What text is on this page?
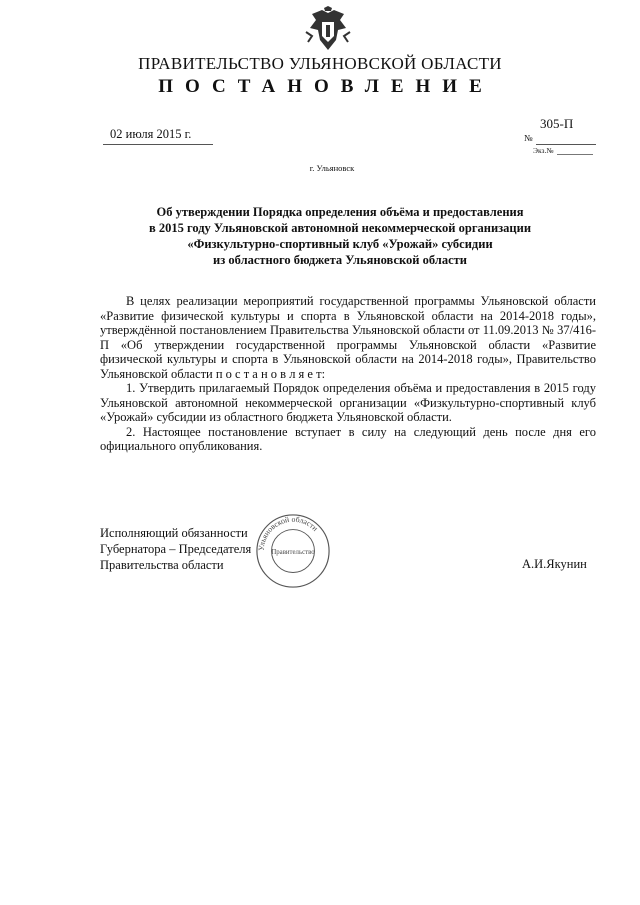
ПРАВИТЕЛЬСТВО УЛЬЯНОВСКОЙ ОБЛАСТИ
ПОСТАНОВЛЕНИЕ
02 июля 2015 г.
305-П
№
Экз.№
г. Ульяновск
Об утверждении Порядка определения объёма и предоставления
в 2015 году Ульяновской автономной некоммерческой организации
«Физкультурно-спортивный клуб «Урожай» субсидии
из областного бюджета Ульяновской области

В целях реализации мероприятий государственной программы Ульяновской области «Развитие физической культуры и спорта в Ульяновской области на 2014-2018 годы», утверждённой постановлением Правительства Ульяновской области от 11.09.2013 № 37/416-П «Об утверждении государственной программы Ульяновской области «Развитие физической культуры и спорта в Ульяновской области на 2014-2018 годы», Правительство Ульяновской области п о с т а н о в л я е т:

1. Утвердить прилагаемый Порядок определения объёма и предоставления в 2015 году Ульяновской автономной некоммерческой организации «Физкультурно-спортивный клуб «Урожай» субсидии из областного бюджета Ульяновской области.

2. Настоящее постановление вступает в силу на следующий день после дня его официального опубликования.

Исполняющий обязанности
Губернатора – Председателя
Правительства области	А.И.Якунин
Ульяновской области
Правительство
